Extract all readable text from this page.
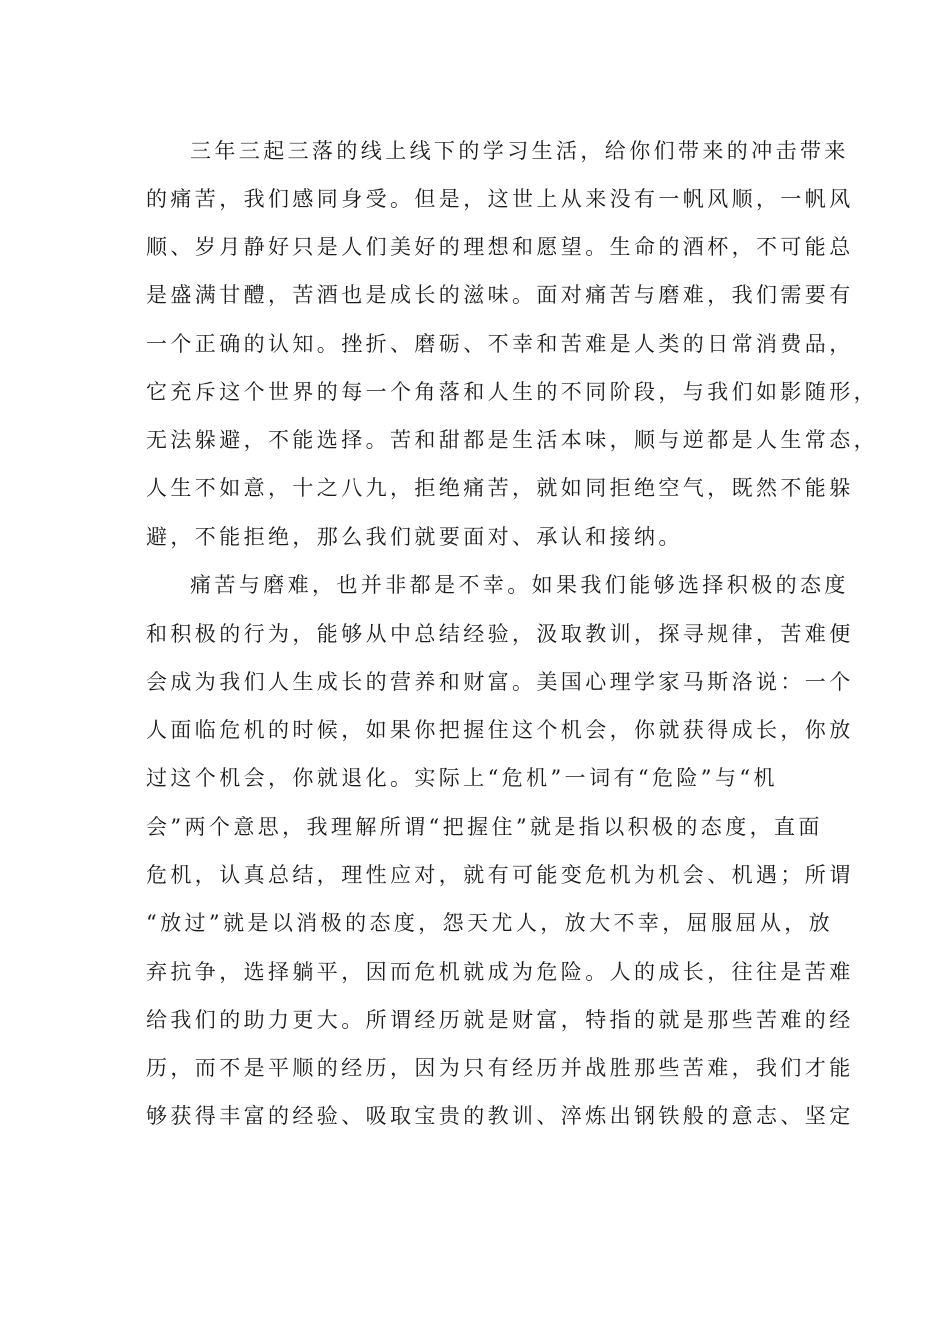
三年三起三落的线上线下的学习生活，给你们带来的冲击带来
的痛苦，我们感同身受。但是，这世上从来没有一帆风顺，一帆风
顺、岁月静好只是人们美好的理想和愿望。生命的酒杯，不可能总
是盛满甘醴，苦酒也是成长的滋味。面对痛苦与磨难，我们需要有
一个正确的认知。挫折、磨砺、不幸和苦难是人类的日常消费品，
它充斥这个世界的每一个角落和人生的不同阶段，与我们如影随形，
无法躲避，不能选择。苦和甜都是生活本味，顺与逆都是人生常态，
人生不如意，十之八九，拒绝痛苦，就如同拒绝空气，既然不能躲
避，不能拒绝，那么我们就要面对、承认和接纳。
痛苦与磨难，也并非都是不幸。如果我们能够选择积极的态度
和积极的行为，能够从中总结经验，汲取教训，探寻规律，苦难便
会成为我们人生成长的营养和财富。美国心理学家马斯洛说：一个
人面临危机的时候，如果你把握住这个机会，你就获得成长，你放
过这个机会，你就退化。实际上“危机”一词有“危险”与“机
会”两个意思，我理解所谓“把握住”就是指以积极的态度，直面
危机，认真总结，理性应对，就有可能变危机为机会、机遇；所谓
“放过”就是以消极的态度，怨天尤人，放大不幸，屈服屈从，放
弃抗争，选择躺平，因而危机就成为危险。人的成长，往往是苦难
给我们的助力更大。所谓经历就是财富，特指的就是那些苦难的经
历，而不是平顺的经历，因为只有经历并战胜那些苦难，我们才能
够获得丰富的经验、吸取宝贵的教训、淬炼出钢铁般的意志、坚定
